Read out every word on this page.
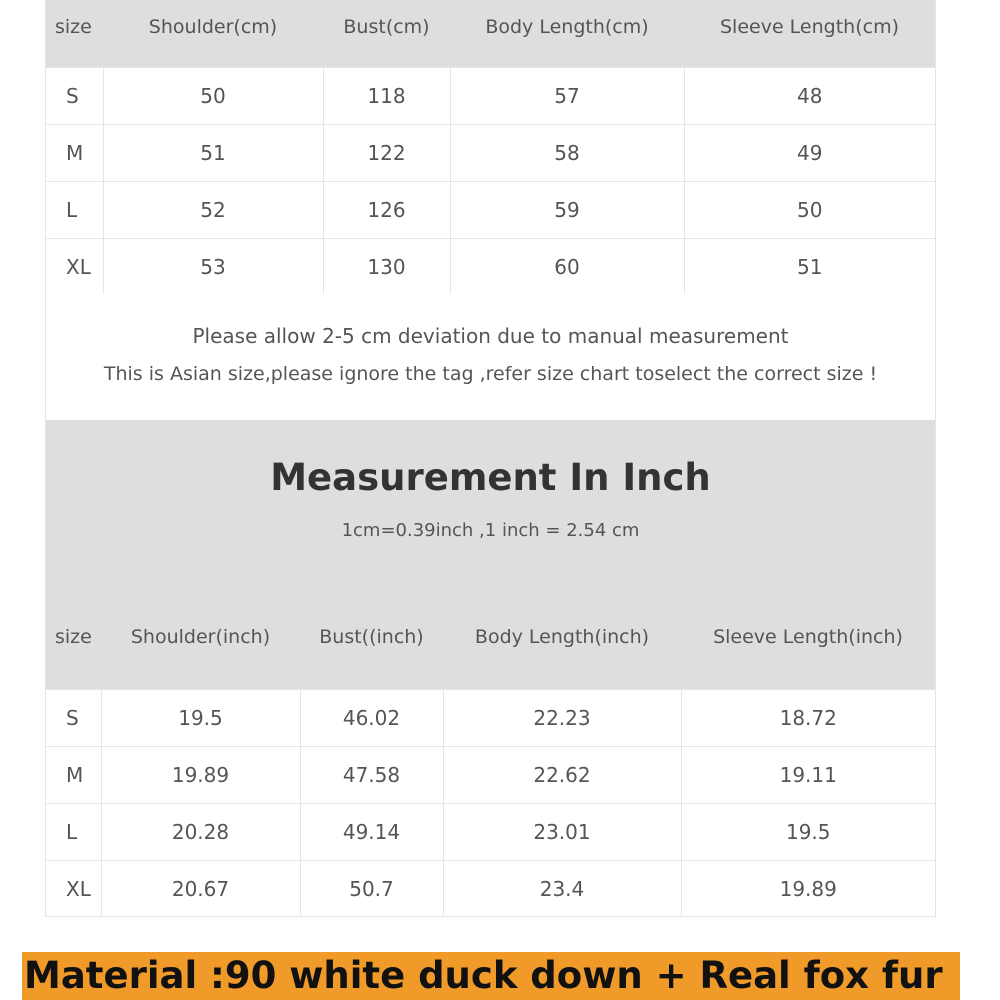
size	Shoulder(cm)	Bust(cm)	Body Length(cm)	Sleeve Length(cm)
S	50	118	57	48
M	51	122	58	49
L	52	126	59	50
XL	53	130	60	51
Please allow 2-5 cm deviation due to manual measurement
This is Asian size,please ignore the tag ,refer size chart toselect the correct size !
Measurement In Inch
1cm=0.39inch ,1 inch = 2.54 cm
size	Shoulder(inch)	Bust((inch)	Body Length(inch)	Sleeve Length(inch)
S	19.5	46.02	22.23	18.72
M	19.89	47.58	22.62	19.11
L	20.28	49.14	23.01	19.5
XL	20.67	50.7	23.4	19.89
Material :90 white duck down + Real fox fur
